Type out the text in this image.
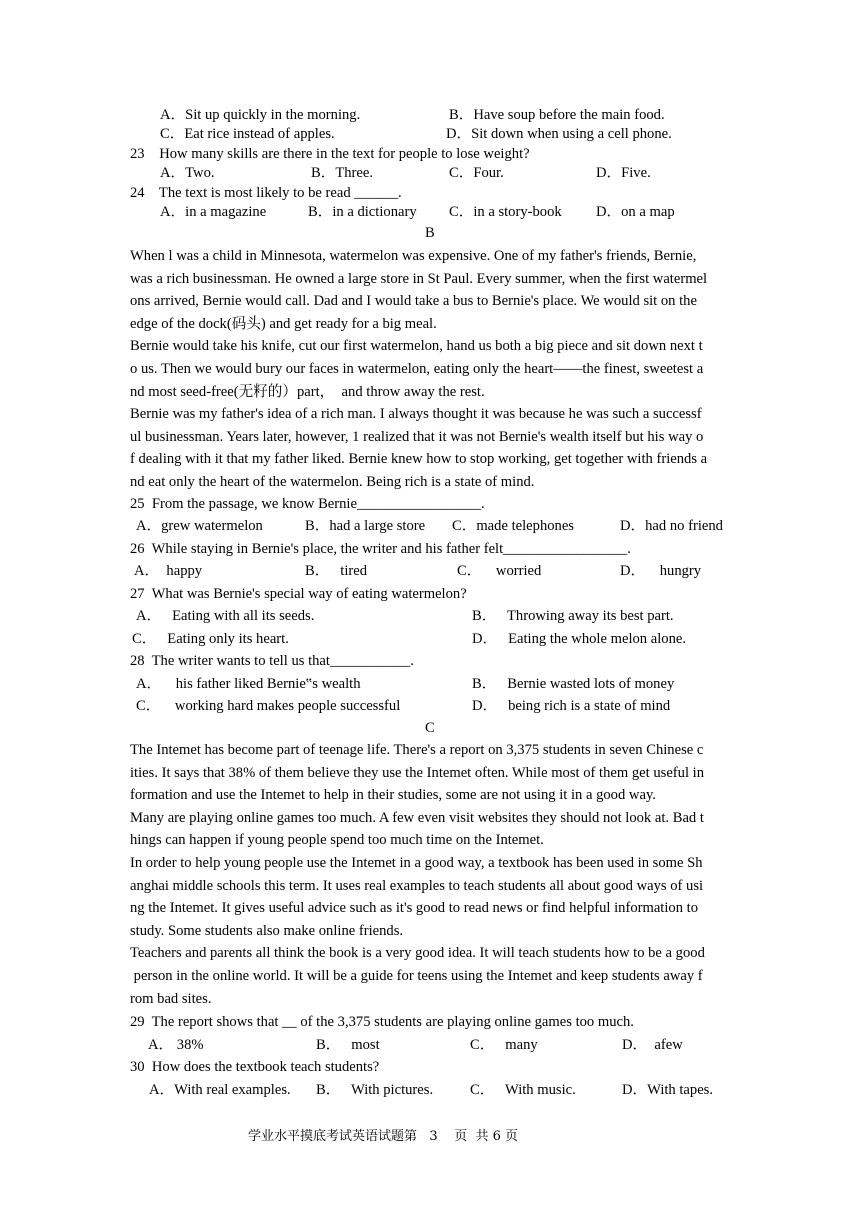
A．Sit up quickly in the morning.	B．Have soup before the main food.
C．Eat rice instead of apples.	D．Sit down when using a cell phone.
23    How many skills are there in the text for people to lose weight?
A．Two.	B．Three.	C．Four.	D．Five.
24    The text is most likely to be read ______.
A．in a magazine	B．in a dictionary C．in a story-book D．on a map
B
When l was a child in Minnesota, watermelon was expensive. One of my father's friends, Bernie,
was a rich businessman. He owned a large store in St Paul. Every summer, when the first watermel
ons arrived, Bernie would call. Dad and I would take a bus to Bernie's place. We would sit on the
edge of the dock(码头) and get ready for a big meal.
Bernie would take his knife, cut our first watermelon, hand us both a big piece and sit down next t
o us. Then we would bury our faces in watermelon, eating only the heart——the finest, sweetest a
nd most seed-free(无籽的）part，  and throw away the rest.
Bernie was my father's idea of a rich man. I always thought it was because he was such a successf
ul businessman. Years later, however, 1 realized that it was not Bernie's wealth itself but his way o
f dealing with it that my father liked. Bernie knew how to stop working, get together with friends a
nd eat only the heart of the watermelon. Being rich is a state of mind.
25  From the passage, we know Bernie_________________.
A．grew watermelon	B．had a large store C．made telephones	D．had no friend
26  While staying in Bernie's place, the writer and his father felt_________________.
A．  happy	B．   tired	C．    worried	D．    hungry
27  What was Bernie's special way of eating watermelon?
A．   Eating with all its seeds.	B．   Throwing away its best part.
C．   Eating only its heart.	D．   Eating the whole melon alone.
28  The writer wants to tell us that___________.
A．    his father liked Bernie‟s wealth	B．   Bernie wasted lots of money
C．    working hard makes people successful	D．   being rich is a state of mind
C
The Intemet has become part of teenage life. There's a report on 3,375 students in seven Chinese c
ities. It says that 38% of them believe they use the Intemet often. While most of them get useful in
formation and use the Intemet to help in their studies, some are not using it in a good way.
Many are playing online games too much. A few even visit websites they should not look at. Bad t
hings can happen if young people spend too much time on the Intemet.
In order to help young people use the Intemet in a good way, a textbook has been used in some Sh
anghai middle schools this term. It uses real examples to teach students all about good ways of usi
ng the Intemet. It gives useful advice such as it's good to read news or find helpful information to
study. Some students also make online friends.
Teachers and parents all think the book is a very good idea. It will teach students how to be a good
person in the online world. It will be a guide for teens using the Intemet and keep students away f
rom bad sites.
29  The report shows that __ of the 3,375 students are playing online games too much.
A． 38%	B．   most	C．   many	D．  afew
30  How does the textbook teach students?
A．With real examples. B．   With pictures.	C．   With music.	D．With tapes.
学业水平摸底考试英语试题第   3    页  共 6 页
